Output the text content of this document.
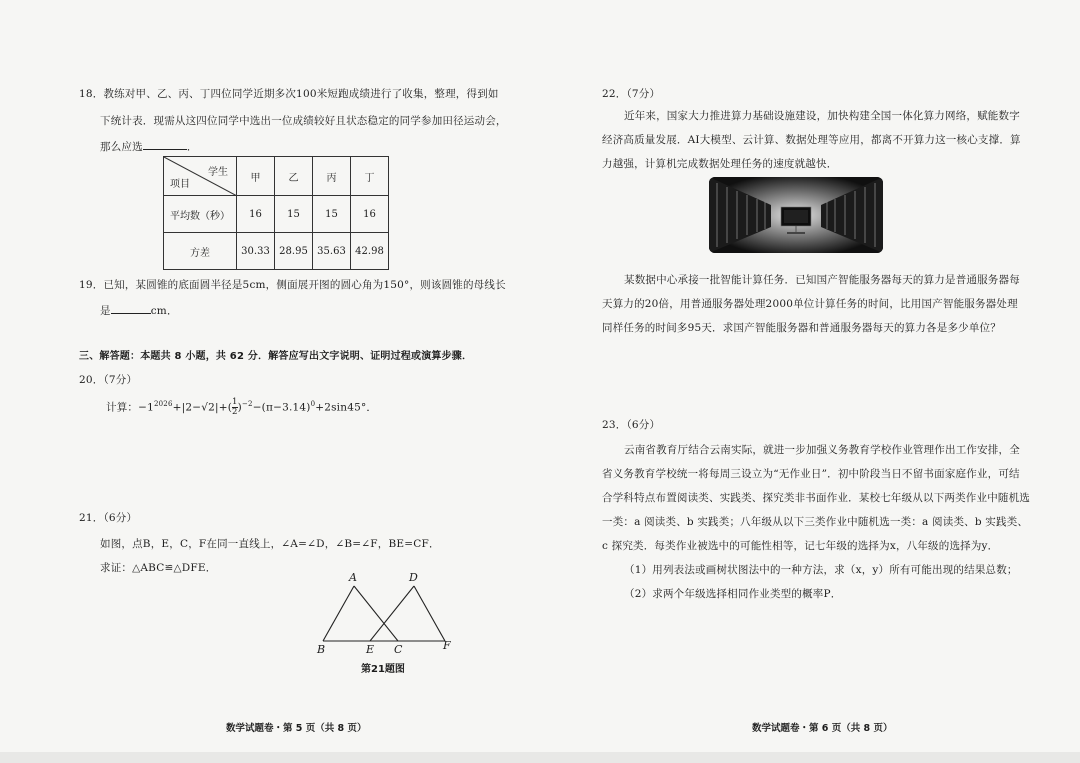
18．教练对甲、乙、丙、丁四位同学近期多次100米短跑成绩进行了收集，整理，得到如
下统计表．现需从这四位同学中选出一位成绩较好且状态稳定的同学参加田径运动会，
那么应选	．
学生
项目	甲	乙	丙	丁
平均数（秒）	16	15	15	16
方差	30.33	28.95	35.63	42.98
19．已知，某圆锥的底面圆半径是5cm，侧面展开图的圆心角为150°，则该圆锥的母线长
是	cm．
三、解答题：本题共 8 小题，共 62 分．解答应写出文字说明、证明过程或演算步骤．
20．（7分）
计算：$-1^{2026}+|2-√2|+( \frac{1}{2} )^{-2}-(\pi-3.14)^0+2\sin 45^\circ$．
21．（6分）
如图，点B，E，C，F在同一直线上，∠A=∠D，∠B=∠F，BE=CF．
求证：△ABC≌△DFE．
A	D
B	E C	F
第21题图
数学试题卷・第 5 页（共 8 页）
22．（7分）
近年来，国家大力推进算力基础设施建设，加快构建全国一体化算力网络，赋能数字
经济高质量发展．AI大模型、云计算、数据处理等应用，都离不开算力这一核心支撑．算
力越强，计算机完成数据处理任务的速度就越快．
某数据中心承接一批智能计算任务．已知国产智能服务器每天的算力是普通服务器每
天算力的20倍，用普通服务器处理2000单位计算任务的时间，比用国产智能服务器处理
同样任务的时间多95天．求国产智能服务器和普通服务器每天的算力各是多少单位？
23．（6分）
云南省教育厅结合云南实际，就进一步加强义务教育学校作业管理作出工作安排，全
省义务教育学校统一将每周三设立为“无作业日”．初中阶段当日不留书面家庭作业，可结
合学科特点布置阅读类、实践类、探究类非书面作业．某校七年级从以下两类作业中随机选
一类：a 阅读类、b 实践类；八年级从以下三类作业中随机选一类：a 阅读类、b 实践类、
c 探究类．每类作业被选中的可能性相等，记七年级的选择为x，八年级的选择为y．
（1）用列表法或画树状图法中的一种方法，求（x，y）所有可能出现的结果总数；
（2）求两个年级选择相同作业类型的概率P．
数学试题卷・第 6 页（共 8 页）
